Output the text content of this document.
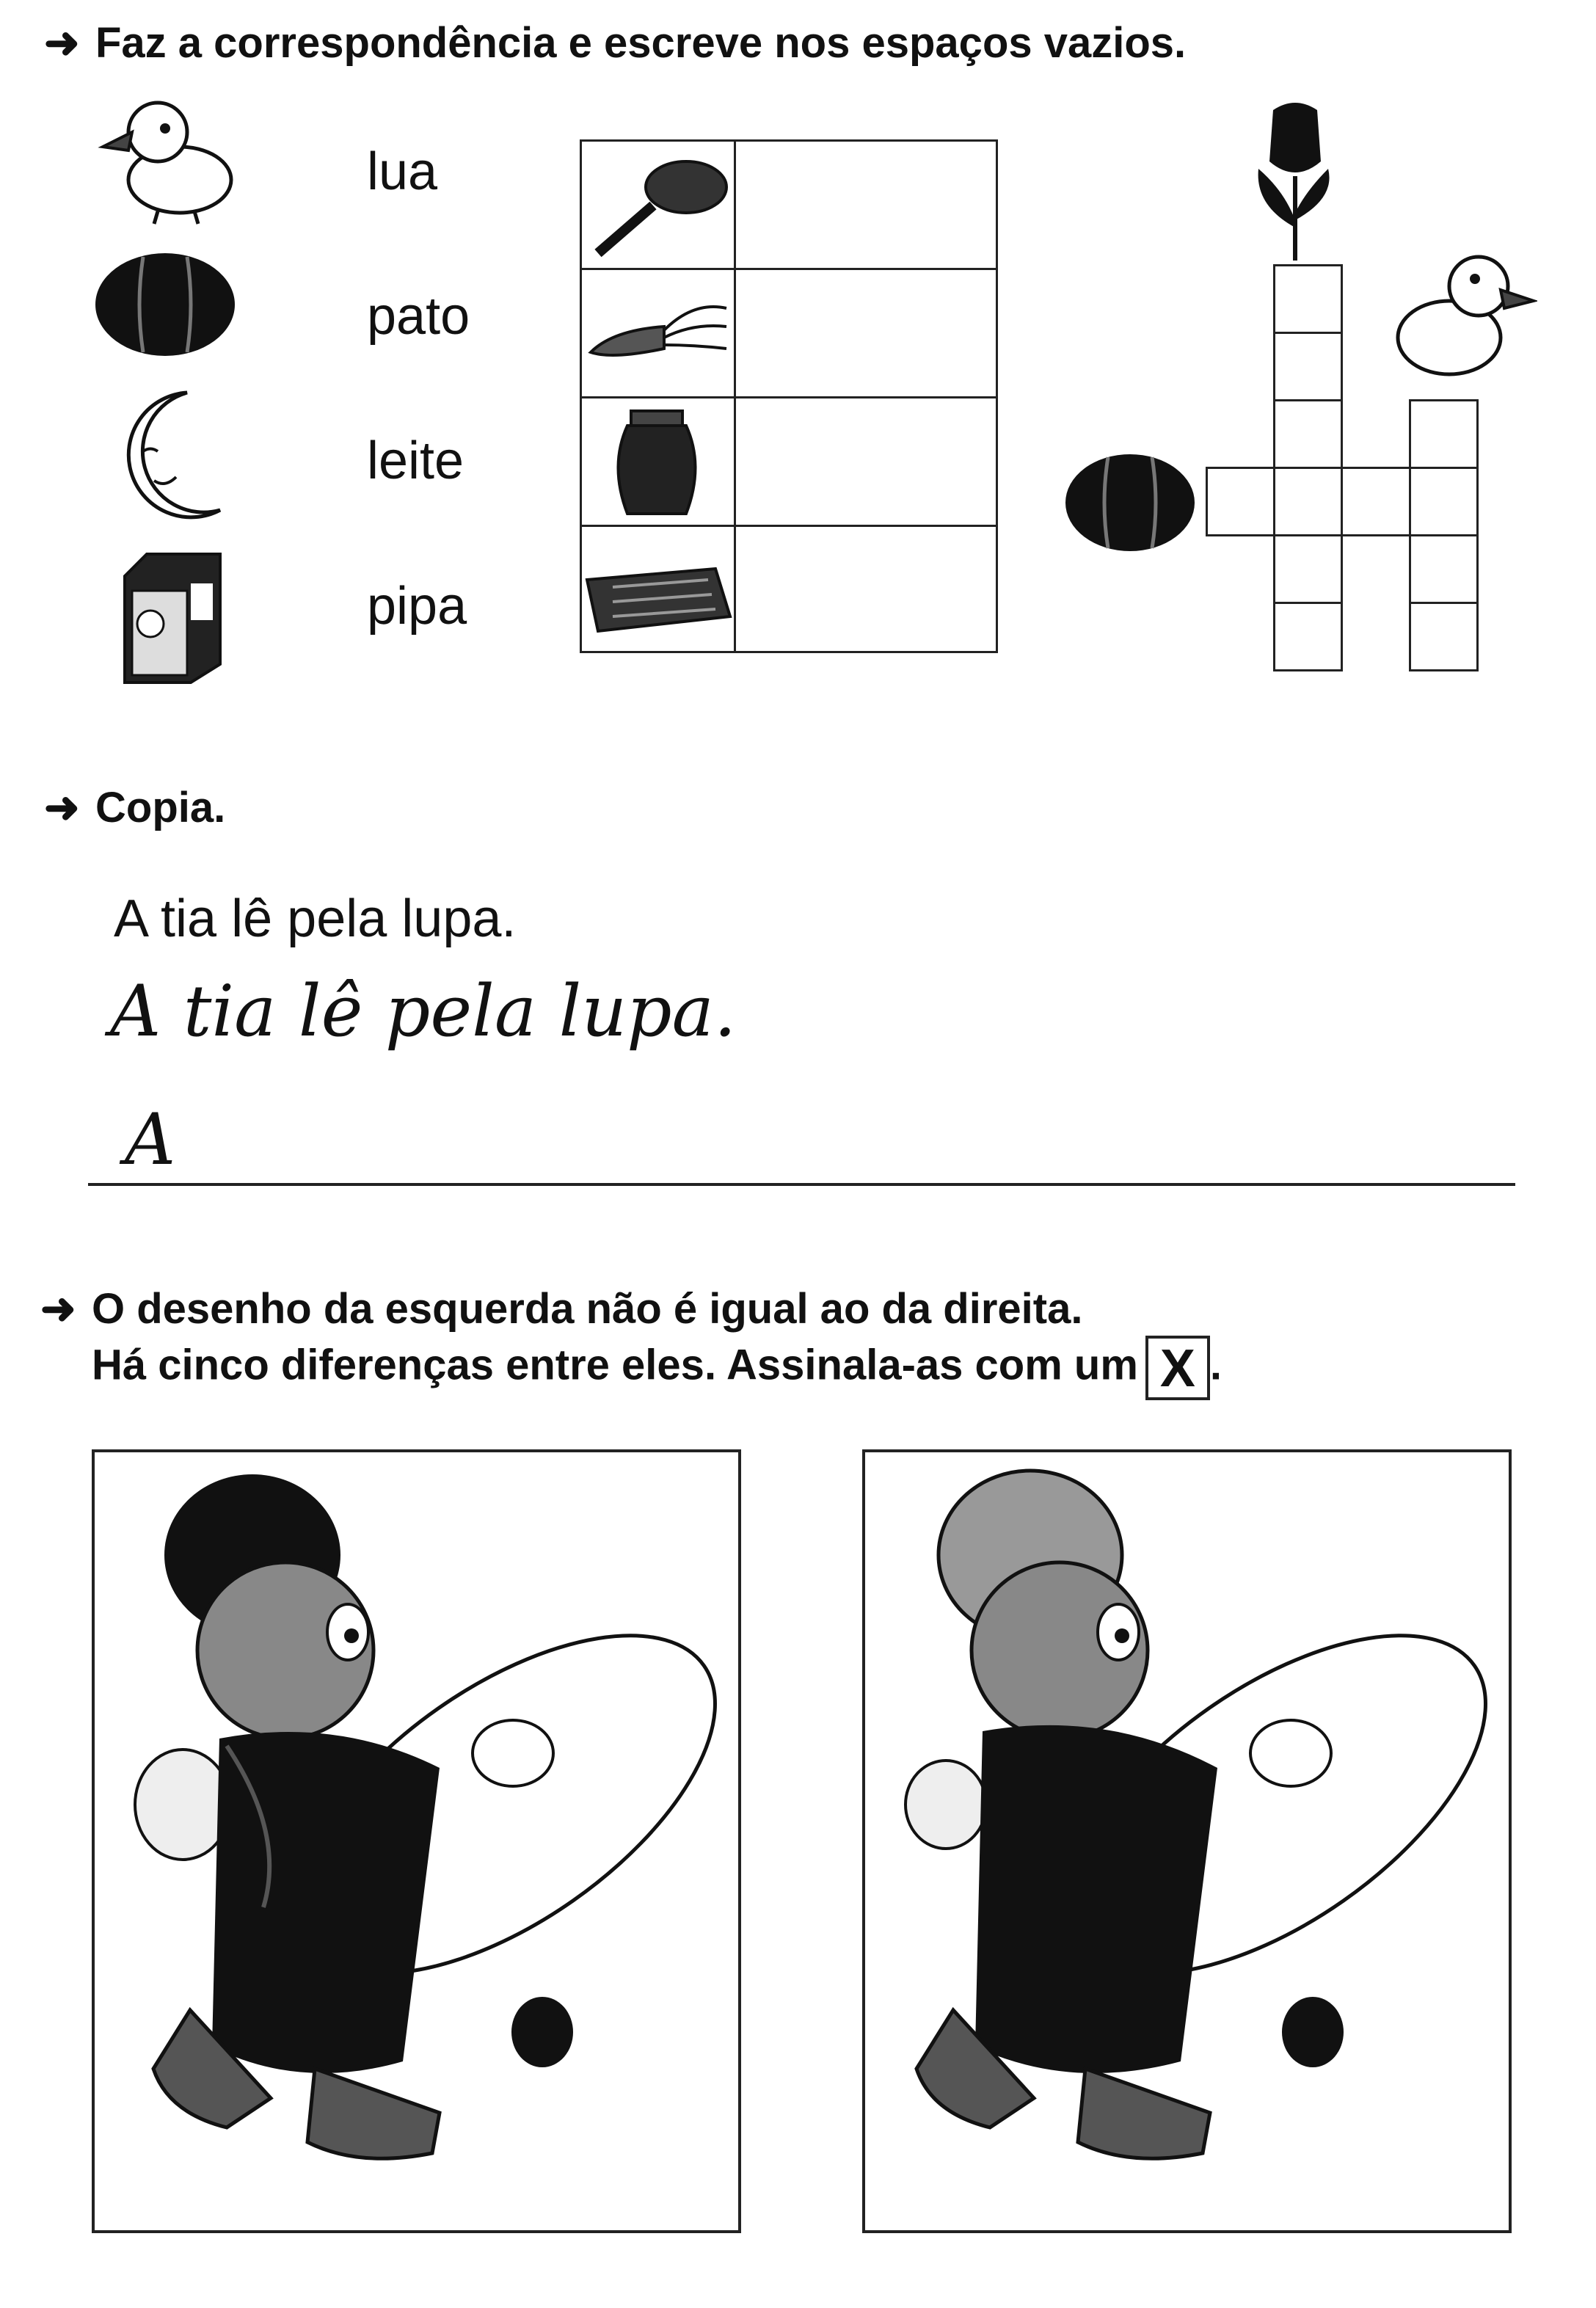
➜ Faz a correspondência e escreve nos espaços vazios.
lua
pato
leite
pipa
➜ Copia.
A tia lê pela lupa.
A tia lê pela lupa.
A
➜ O desenho da esquerda não é igual ao da direita.
Há cinco diferenças entre eles. Assinala-as com um X .
